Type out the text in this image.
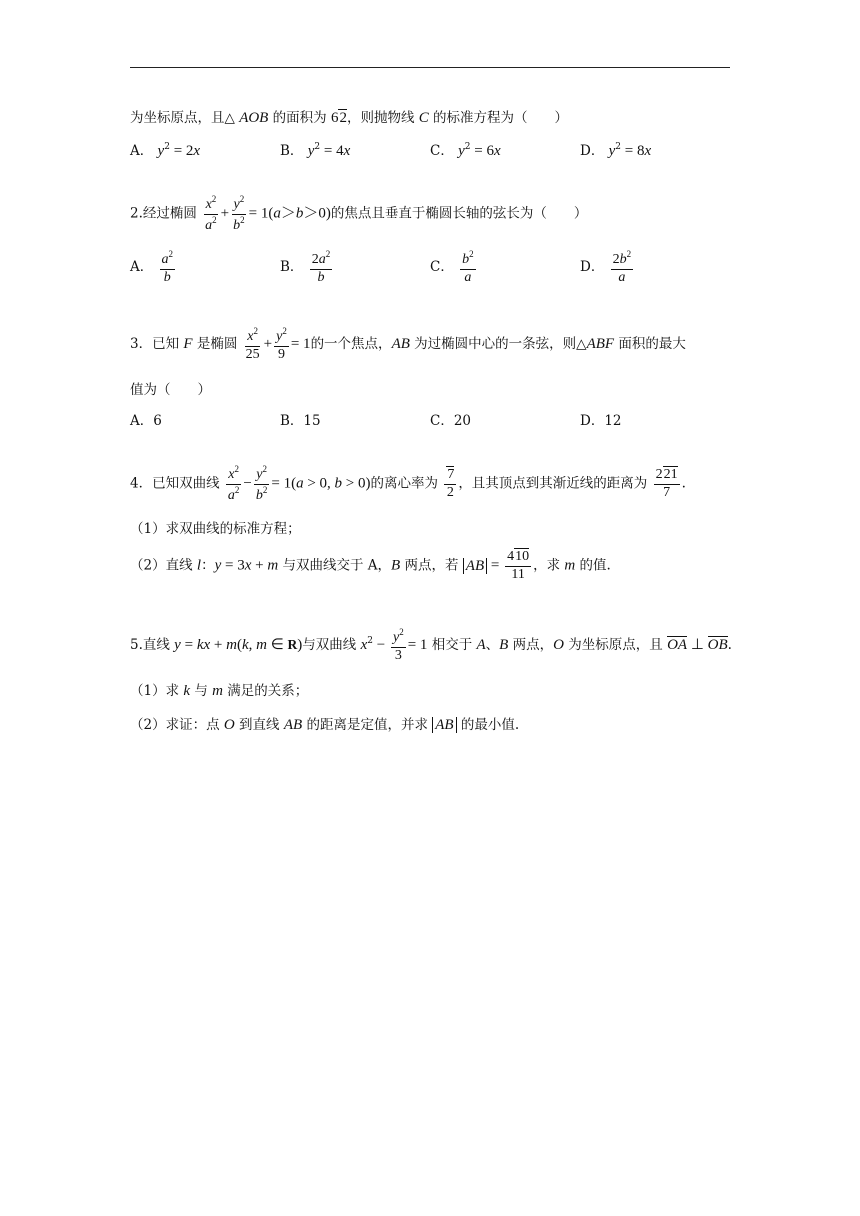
为坐标原点，且△ AOB 的面积为 62，则抛物线 C 的标准方程为（　　）
A． $y^2 = 2x$	B． $y^2 = 4x$	C． $y^2 = 6x$	D． $y^2 = 8x$
2.经过椭圆 $\frac{x^2}{a^2} + \frac{y^2}{b^2} = 1(a>b>0)$的焦点且垂直于椭圆长轴的弦长为（　　）
A． $\frac{a^2}{b}$	B． $\frac{2a^2}{b}$	C． $\frac{b^2}{a}$	D． $\frac{2b^2}{a}$
3．已知 F 是椭圆 $\frac{x^2}{25} + \frac{y^2}{9} = 1$的一个焦点，AB 为过椭圆中心的一条弦，则△ABF 面积的最大
值为（　　）
A．6	B．15	C．20	D．12
4．已知双曲线 $\frac{x^2}{a^2} - \frac{y^2}{b^2} = 1(a > 0$, b > 0)的离心率为 $\frac{7}{2}$ ，且其顶点到其渐近线的距离为 $\frac{221}{7}$ .
（1）求双曲线的标准方程；
（2）直线 l：y = 3x + m 与双曲线交于 A，B 两点，若 AB = $\frac{410}{11}$ ，求 m 的值.
5.直线 y = kx + m(k, m ∈ R)与双曲线 $x^2 - \frac{y^2}{3} = 1$ 相交于 A、B 两点，O 为坐标原点，且 OA ⊥ OB.
（1）求 k 与 m 满足的关系；
（2）求证：点 O 到直线 AB 的距离是定值，并求 AB 的最小值.
